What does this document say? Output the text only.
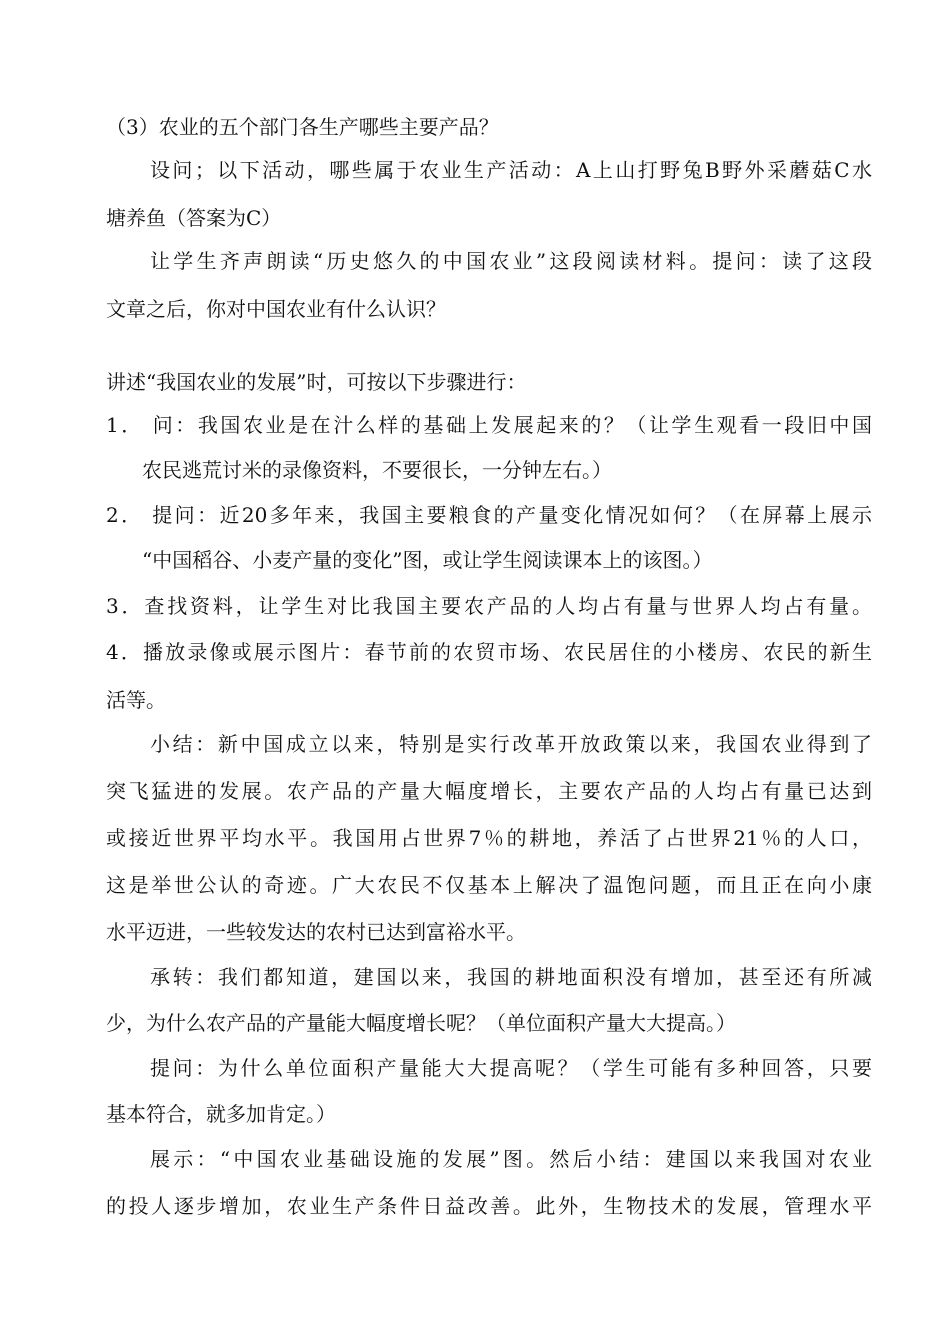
（3）农业的五个部门各生产哪些主要产品？
设问；以下活动，哪些属于农业生产活动：A上山打野兔B野外采蘑菇C水
塘养鱼（答案为C）
让学生齐声朗读“历史悠久的中国农业”这段阅读材料。提问：读了这段
文章之后，你对中国农业有什么认识？
讲述“我国农业的发展”时，可按以下步骤进行：
1． 问：我国农业是在汁么样的基础上发展起来的？（让学生观看一段旧中国
农民逃荒讨米的录像资料，不要很长，一分钟左右。）
2． 提问：近20多年来，我国主要粮食的产量变化情况如何？（在屏幕上展示
“中国稻谷、小麦产量的变化”图，或让学生阅读课本上的该图。）
3．查找资料，让学生对比我国主要农产品的人均占有量与世界人均占有量。
4．播放录像或展示图片：春节前的农贸市场、农民居住的小楼房、农民的新生
活等。
小结：新中国成立以来，特别是实行改革开放政策以来，我国农业得到了
突飞猛进的发展。农产品的产量大幅度增长，主要农产品的人均占有量已达到
或接近世界平均水平。我国用占世界7％的耕地，养活了占世界21％的人口，
这是举世公认的奇迹。广大农民不仅基本上解决了温饱问题，而且正在向小康
水平迈进，一些较发达的农村已达到富裕水平。
承转：我们都知道，建国以来，我国的耕地面积没有增加，甚至还有所减
少，为什么农产品的产量能大幅度增长呢？（单位面积产量大大提高。）
提问：为什么单位面积产量能大大提高呢？（学生可能有多种回答，只要
基本符合，就多加肯定。）
展示：“中国农业基础设施的发展”图。然后小结：建国以来我国对农业
的投人逐步增加，农业生产条件日益改善。此外，生物技术的发展，管理水平
